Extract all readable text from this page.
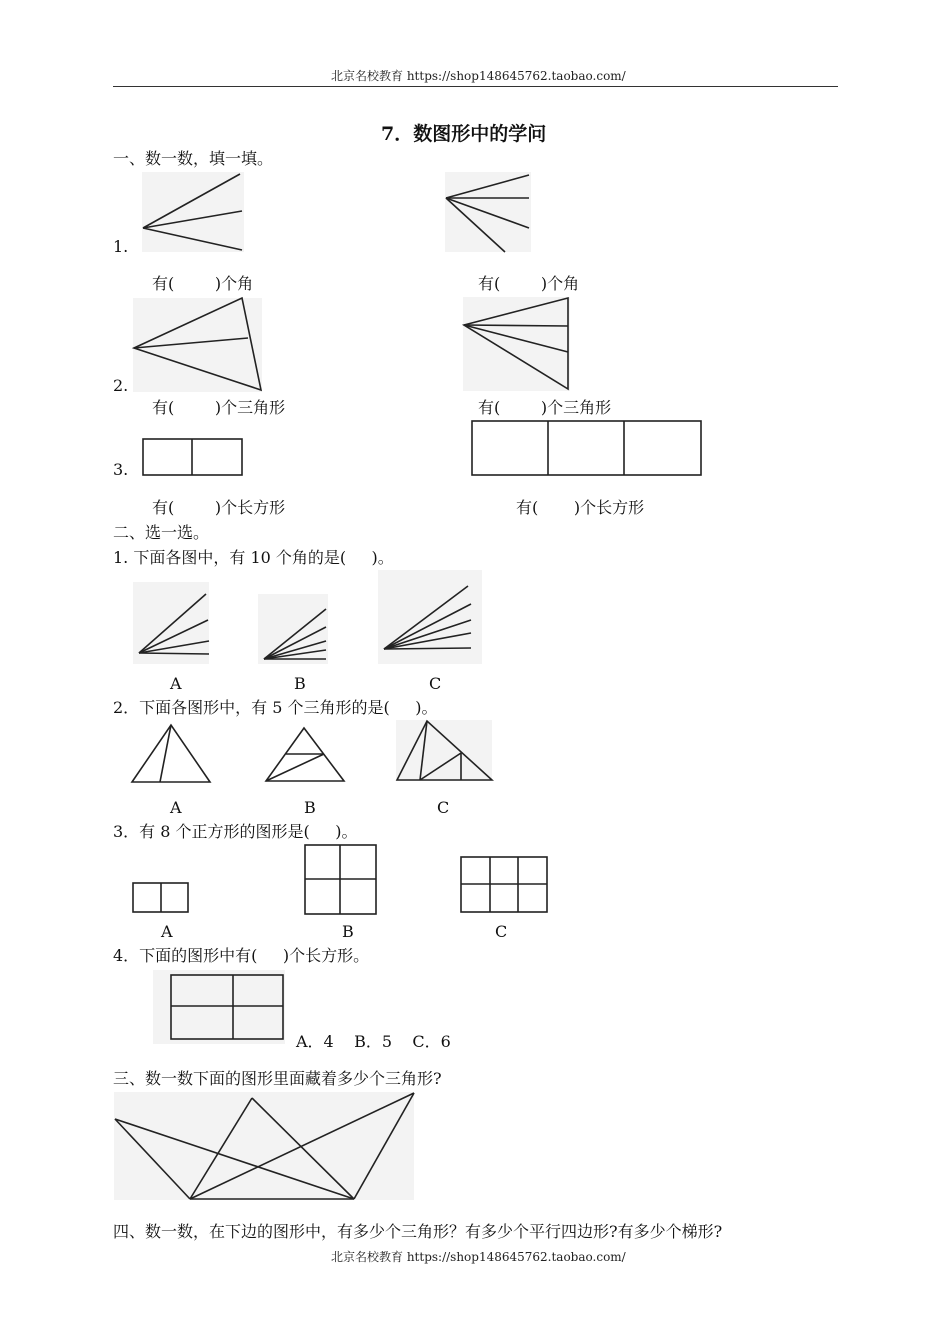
北京名校教育 https://shop148645762.taobao.com/
7．数图形中的学问
一、数一数，填一填。
1.
有(        )个角	有(        )个角
2.
有(        )个三角形	有(        )个三角形
3.
有(        )个长方形	有(       )个长方形
二、选一选。
1. 下面各图中，有 10 个角的是(     )。
A	B	C
2．下面各图形中，有 5 个三角形的是(     )。
A	B	C
3．有 8 个正方形的图形是(     )。
A	B	C
4．下面的图形中有(     )个长方形。
A．4    B．5    C．6
三、数一数下面的图形里面藏着多少个三角形?
四、数一数，在下边的图形中，有多少个三角形？有多少个平行四边形?有多少个梯形?
北京名校教育 https://shop148645762.taobao.com/
